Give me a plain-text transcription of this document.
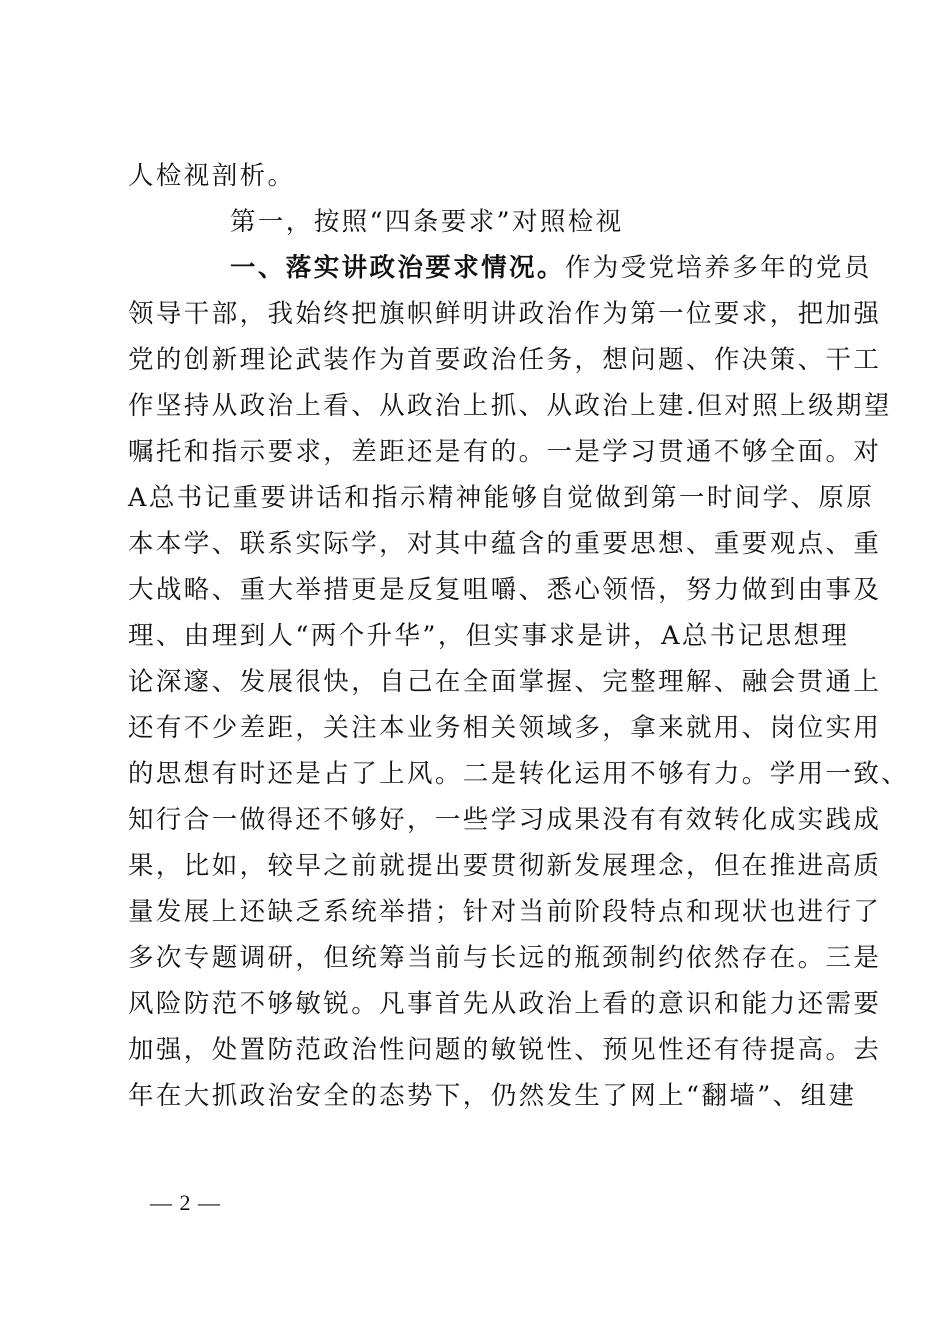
人检视剖析。
第一，按照“四条要求”对照检视
一、落实讲政治要求情况。作为受党培养多年的党员
领导干部，我始终把旗帜鲜明讲政治作为第一位要求，把加强
党的创新理论武装作为首要政治任务，想问题、作决策、干工
作坚持从政治上看、从政治上抓、从政治上建.但对照上级期望
嘱托和指示要求，差距还是有的。一是学习贯通不够全面。对
A总书记重要讲话和指示精神能够自觉做到第一时间学、原原
本本学、联系实际学，对其中蕴含的重要思想、重要观点、重
大战略、重大举措更是反复咀嚼、悉心领悟，努力做到由事及
理、由理到人“两个升华”，但实事求是讲，A总书记思想理
论深邃、发展很快，自己在全面掌握、完整理解、融会贯通上
还有不少差距，关注本业务相关领域多，拿来就用、岗位实用
的思想有时还是占了上风。二是转化运用不够有力。学用一致、
知行合一做得还不够好，一些学习成果没有有效转化成实践成
果，比如，较早之前就提出要贯彻新发展理念，但在推进高质
量发展上还缺乏系统举措；针对当前阶段特点和现状也进行了
多次专题调研，但统筹当前与长远的瓶颈制约依然存在。三是
风险防范不够敏锐。凡事首先从政治上看的意识和能力还需要
加强，处置防范政治性问题的敏锐性、预见性还有待提高。去
年在大抓政治安全的态势下，仍然发生了网上“翻墙”、组建
— 2 —
